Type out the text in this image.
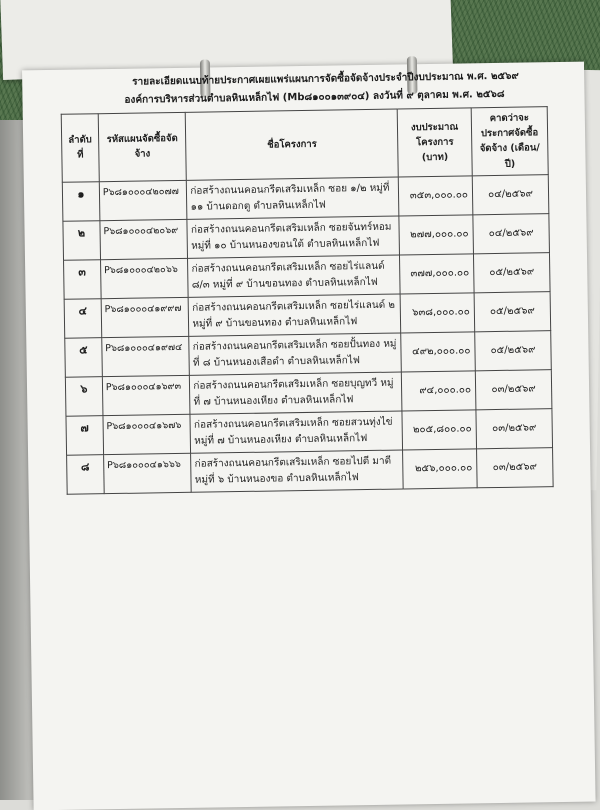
รายละเอียดแนบท้ายประกาศเผยแพร่แผนการจัดซื้อจัดจ้างประจำปีงบประมาณ พ.ศ. ๒๕๖๙
องค์การบริหารส่วนตำบลหินเหล็กไฟ (Mb๘๑๐๐๑๓๙๐๔) ลงวันที่ ๙ ตุลาคม พ.ศ. ๒๕๖๘
ลำดับ ที่	รหัสแผนจัดซื้อจัด จ้าง	ชื่อโครงการ	งบประมาณ โครงการ (บาท)	คาดว่าจะ ประกาศจัดซื้อ จัดจ้าง (เดือน/ปี)
๑	P๖๘๑๐๐๐๔๒๐๗๗	ก่อสร้างถนนคอนกรีตเสริมเหล็ก ซอย ๑/๒ หมู่ที่ ๑๑ บ้านดอกตู ตำบลหินเหล็กไฟ	๓๕๓,๐๐๐.๐๐	๐๔/๒๕๖๙
๒	P๖๘๑๐๐๐๔๒๐๖๙	ก่อสร้างถนนคอนกรีตเสริมเหล็ก ซอยจันทร์หอม หมู่ที่ ๑๐ บ้านหนองขอนใต้ ตำบลหินเหล็กไฟ	๒๗๗,๐๐๐.๐๐	๐๔/๒๕๖๙
๓	P๖๘๑๐๐๐๔๒๐๖๖	ก่อสร้างถนนคอนกรีตเสริมเหล็ก ซอยไร่แลนด์ ๘/๓ หมู่ที่ ๙ บ้านขอนทอง ตำบลหินเหล็กไฟ	๓๗๗,๐๐๐.๐๐	๐๕/๒๕๖๙
๔	P๖๘๑๐๐๐๔๑๙๙๗	ก่อสร้างถนนคอนกรีตเสริมเหล็ก ซอยไร่แลนด์ ๒ หมู่ที่ ๙ บ้านขอนทอง ตำบลหินเหล็กไฟ	๖๓๘,๐๐๐.๐๐	๐๕/๒๕๖๙
๕	P๖๘๑๐๐๐๔๑๙๗๔	ก่อสร้างถนนคอนกรีตเสริมเหล็ก ซอยปั้นทอง หมู่ที่ ๘ บ้านหนองเสือดำ ตำบลหินเหล็กไฟ	๔๙๒,๐๐๐.๐๐	๐๕/๒๕๖๙
๖	P๖๘๑๐๐๐๔๑๖๙๓	ก่อสร้างถนนคอนกรีตเสริมเหล็ก ซอยบุญทวี หมู่ที่ ๗ บ้านหนองเหียง ตำบลหินเหล็กไฟ	๙๔,๐๐๐.๐๐	๐๓/๒๕๖๙
๗	P๖๘๑๐๐๐๔๑๖๗๖	ก่อสร้างถนนคอนกรีตเสริมเหล็ก ซอยสวนทุ่งไข่ หมู่ที่ ๗ บ้านหนองเหียง ตำบลหินเหล็กไฟ	๒๐๕,๘๐๐.๐๐	๐๓/๒๕๖๙
๘	P๖๘๑๐๐๐๔๑๖๖๖	ก่อสร้างถนนคอนกรีตเสริมเหล็ก ซอยไปตี มาตี หมู่ที่ ๖ บ้านหนองขอ ตำบลหินเหล็กไฟ	๒๕๖,๐๐๐.๐๐	๐๓/๒๕๖๙
